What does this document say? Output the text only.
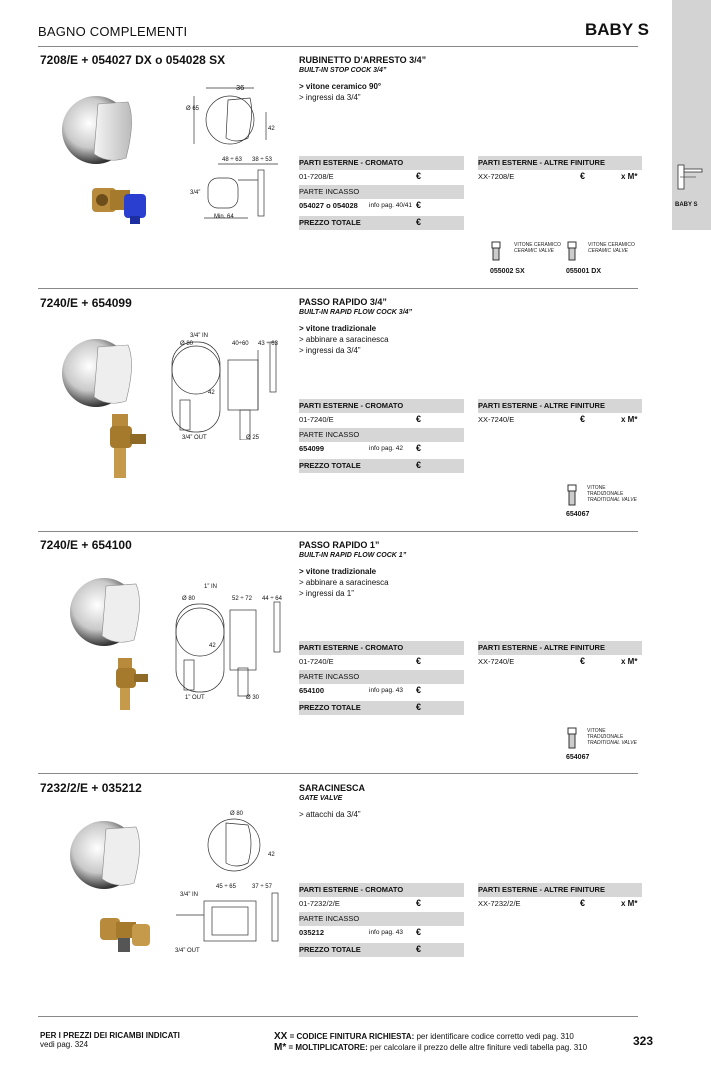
BAGNO COMPLEMENTI	BABY S
BABY S
7208/E + 054027 DX o 054028 SX	RUBINETTO D’ARRESTO 3/4”
BUILT-IN STOP COCK 3/4”
> vitone ceramico 90°
> ingressi da 3/4”
36
Ø 65
42
48 ÷ 63 38 ÷ 53
3/4”
Min. 64
PARTI ESTERNE - CROMATO
01-7208/E	€
PARTE INCASSO
054027 o 054028	info pag. 40/41 €
PREZZO TOTALE	€
PARTI ESTERNE - ALTRE FINITURE
XX-7208/E	€	x M*
VITONE CERAMICO
CERAMIC VALVE
055002 SX
VITONE CERAMICO
CERAMIC VALVE
055001 DX
7240/E + 654099	PASSO RAPIDO 3/4”
BUILT-IN RAPID FLOW COCK 3/4”
> vitone tradizionale
> abbinare a saracinesca
> ingressi da 3/4”
3/4” IN
Ø 80	40÷60 43 ÷ 63
42
3/4” OUT	Ø 25
PARTI ESTERNE - CROMATO
01-7240/E	€
PARTE INCASSO
654099	info pag. 42 €
PREZZO TOTALE	€
PARTI ESTERNE - ALTRE FINITURE
XX-7240/E	€	x M*
VITONE
TRADIZIONALE
TRADITIONAL VALVE
654067
7240/E + 654100	PASSO RAPIDO 1”
BUILT-IN RAPID FLOW COCK 1”
> vitone tradizionale
> abbinare a saracinesca
> ingressi da 1”
1” IN
Ø 80	52 ÷ 72 44 ÷ 64
42
1” OUT	Ø 30
PARTI ESTERNE - CROMATO
01-7240/E	€
PARTE INCASSO
654100	info pag. 43 €
PREZZO TOTALE	€
PARTI ESTERNE - ALTRE FINITURE
XX-7240/E	€	x M*
VITONE
TRADIZIONALE
TRADITIONAL VALVE
654067
7232/2/E + 035212	SARACINESCA
GATE VALVE
> attacchi da 3/4”
Ø 80
42
45 ÷ 65	37 ÷ 57
3/4” IN
3/4” OUT
PARTI ESTERNE - CROMATO
01-7232/2/E	€
PARTE INCASSO
035212	info pag. 43 €
PREZZO TOTALE	€
PARTI ESTERNE - ALTRE FINITURE
XX-7232/2/E	€	x M*
PER I PREZZI DEI RICAMBI INDICATI
vedi pag. 324
XX = CODICE FINITURA RICHIESTA: per identificare codice corretto vedi pag. 310
M* = MOLTIPLICATORE: per calcolare il prezzo delle altre finiture vedi tabella pag. 310	323
